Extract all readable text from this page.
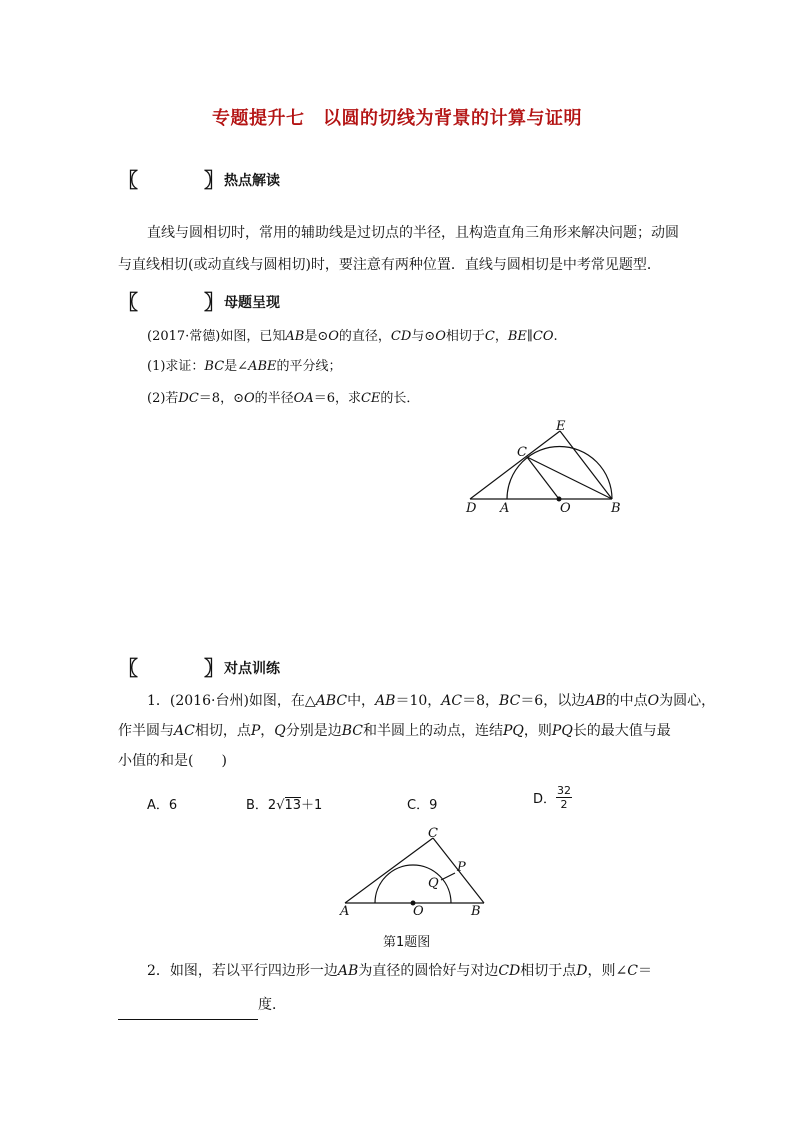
专题提升七　以圆的切线为背景的计算与证明
〖	〗 热点解读
直线与圆相切时，常用的辅助线是过切点的半径，且构造直角三角形来解决问题；动圆
与直线相切(或动直线与圆相切)时，要注意有两种位置．直线与圆相切是中考常见题型．
〖	〗 母题呈现
(2017·常德)如图，已知AB是⊙O的直径，CD与⊙O相切于C，BE∥CO.
(1)求证：BC是∠ABE的平分线；
(2)若DC＝8，⊙O的半径OA＝6，求CE的长．
E
C
D A	O	B
〖	〗 对点训练
1．(2016·台州)如图，在△ABC中，AB＝10，AC＝8，BC＝6，以边AB的中点O为圆心，
作半圆与AC相切，点P，Q分别是边BC和半圆上的动点，连结PQ，则PQ长的最大值与最
小值的和是(　　)
A．6	B．2√13＋1	C．9	D． $\frac{32}{2}$
C
P
Q
A	O	B
第1题图
2．如图，若以平行四边形一边AB为直径的圆恰好与对边CD相切于点D，则∠C＝
度．
